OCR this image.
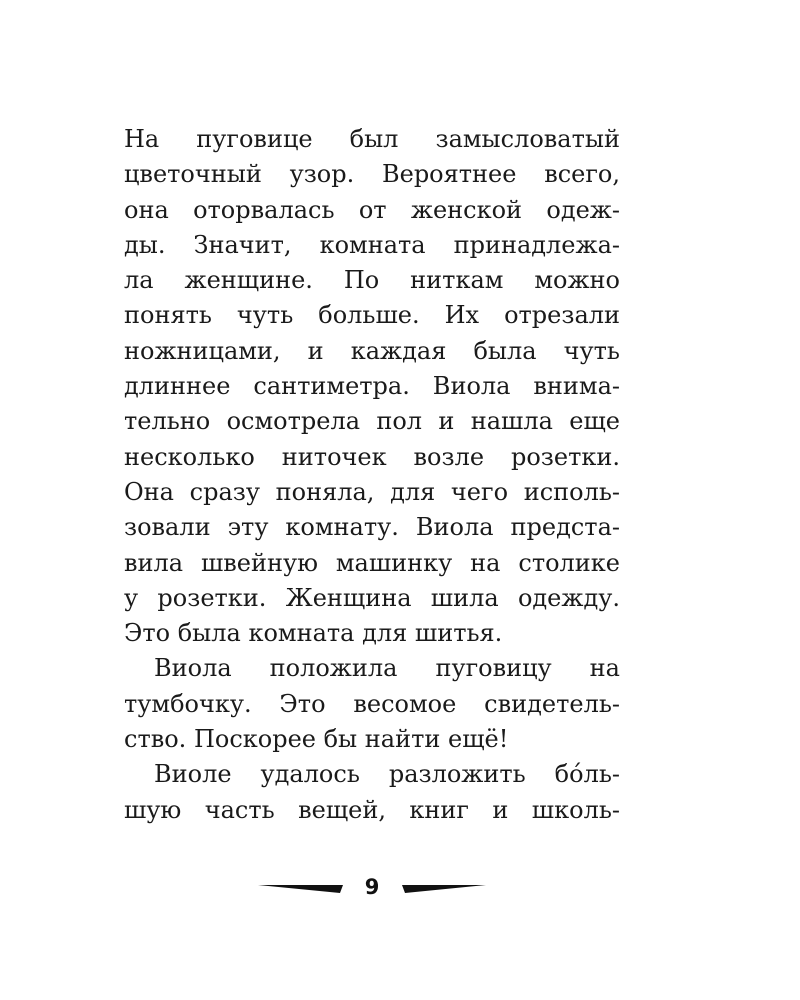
На пуговице был замысловатый
цветочный узор. Вероятнее всего,
она оторвалась от женской одеж-
ды. Значит, комната принадлежа-
ла женщине. По ниткам можно
понять чуть больше. Их отрезали
ножницами, и каждая была чуть
длиннее сантиметра. Виола внима-
тельно осмотрела пол и нашла еще
несколько ниточек возле розетки.
Она сразу поняла, для чего исполь-
зовали эту комнату. Виола предста-
вила швейную машинку на столике
у розетки. Женщина шила одежду.
Это была комната для шитья.
Виола положила пуговицу на
тумбочку. Это весомое свидетель-
ство. Поскорее бы найти ещё!
Виоле удалось разложить бóль-
шую часть вещей, книг и школь-
9
